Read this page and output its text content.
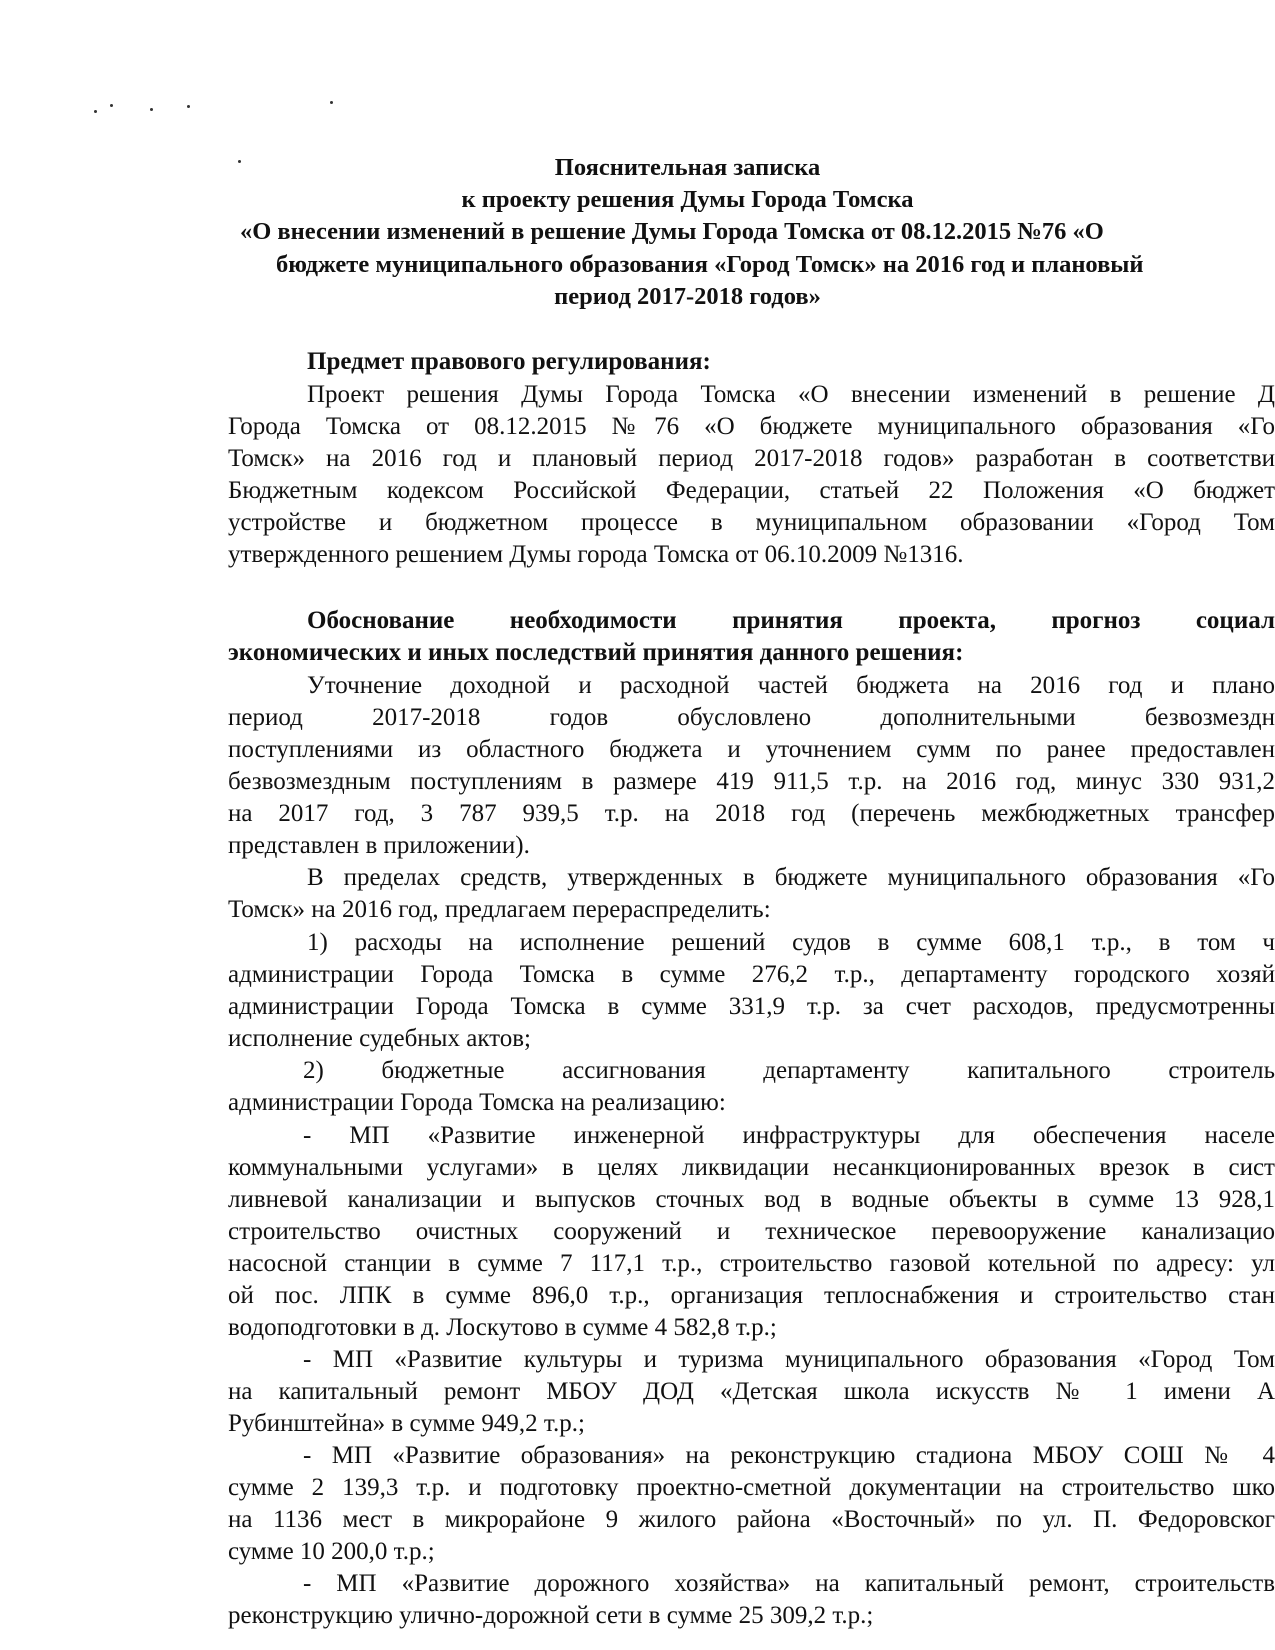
Пояснительная записка
к проекту решения Думы Города Томска
«О внесении изменений в решение Думы Города Томска от 08.12.2015 №76 «О
бюджете муниципального образования «Город Томск» на 2016 год и плановый
период 2017-2018 годов»
Предмет правового регулирования:
Проект решения Думы Города Томска «О внесении изменений в решение Д
Города Томска от 08.12.2015 №76 «О бюджете муниципального образования «Го
Томск» на 2016 год и плановый период 2017-2018 годов» разработан в соответстви
Бюджетным кодексом Российской Федерации, статьей 22 Положения «О бюджет
устройстве и бюджетном процессе в муниципальном образовании «Город Том
утвержденного решением Думы города Томска от 06.10.2009 №1316.
Обоснование необходимости принятия проекта, прогноз социал
экономических и иных последствий принятия данного решения:
Уточнение доходной и расходной частей бюджета на 2016 год и плано
период 2017-2018 годов обусловлено дополнительными безвозмездн
поступлениями из областного бюджета и уточнением сумм по ранее предоставлен
безвозмездным поступлениям в размере 419 911,5 т.р. на 2016 год, минус 330 931,2
на 2017 год, 3 787 939,5 т.р. на 2018 год (перечень межбюджетных трансфер
представлен в приложении).
В пределах средств, утвержденных в бюджете муниципального образования «Го
Томск» на 2016 год, предлагаем перераспределить:
1) расходы на исполнение решений судов в сумме 608,1 т.р., в том ч
администрации Города Томска в сумме 276,2 т.р., департаменту городского хозяй
администрации Города Томска в сумме 331,9 т.р. за счет расходов, предусмотренны
исполнение судебных актов;
2) бюджетные ассигнования департаменту капитального строитель
администрации Города Томска на реализацию:
- МП «Развитие инженерной инфраструктуры для обеспечения населе
коммунальными услугами» в целях ликвидации несанкционированных врезок в сист
ливневой канализации и выпусков сточных вод в водные объекты в сумме 13 928,1
строительство очистных сооружений и техническое перевооружение канализацио
насосной станции в сумме 7 117,1 т.р., строительство газовой котельной по адресу: ул
ой пос. ЛПК в сумме 896,0 т.р., организация теплоснабжения и строительство стан
водоподготовки в д. Лоскутово в сумме 4 582,8 т.р.;
- МП «Развитие культуры и туризма муниципального образования «Город Том
на капитальный ремонт МБОУ ДОД «Детская школа искусств № 1 имени А
Рубинштейна» в сумме 949,2 т.р.;
- МП «Развитие образования» на реконструкцию стадиона МБОУ СОШ № 4
сумме 2 139,3 т.р. и подготовку проектно-сметной документации на строительство шко
на 1136 мест в микрорайоне 9 жилого района «Восточный» по ул. П. Федоровског
сумме 10 200,0 т.р.;
- МП «Развитие дорожного хозяйства» на капитальный ремонт, строительств
реконструкцию улично-дорожной сети в сумме 25 309,2 т.р.;
